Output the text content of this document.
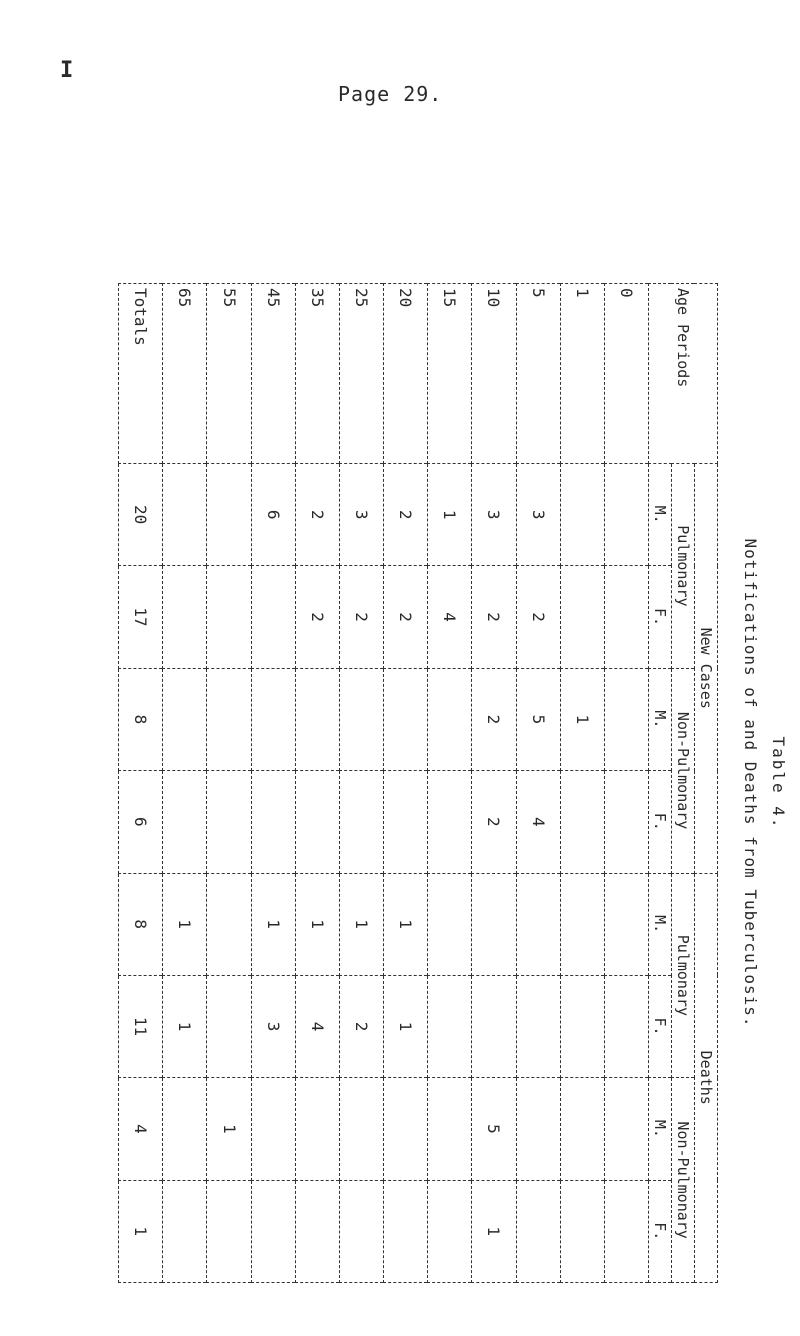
I
Page 29.
Table 4.
Notifications of and Deaths from Tuberculosis.
Age Periods	New Cases				Deaths			
	Pulmonary		Non-Pulmonary		Pulmonary		Non-Pulmonary	
	M.	F.	M.	F.	M.	F.	M.	F.
0								
1			1					
5	3	2	5	4				
10	3	2	2	2			5	1
15	1	4						
20	2	2			1	1		
25	3	2			1	2		
35	2	2			1	4		
45	6				1	3		
55							1	
65					1	1		
Totals	20	17	8	6	8	11	4	1
